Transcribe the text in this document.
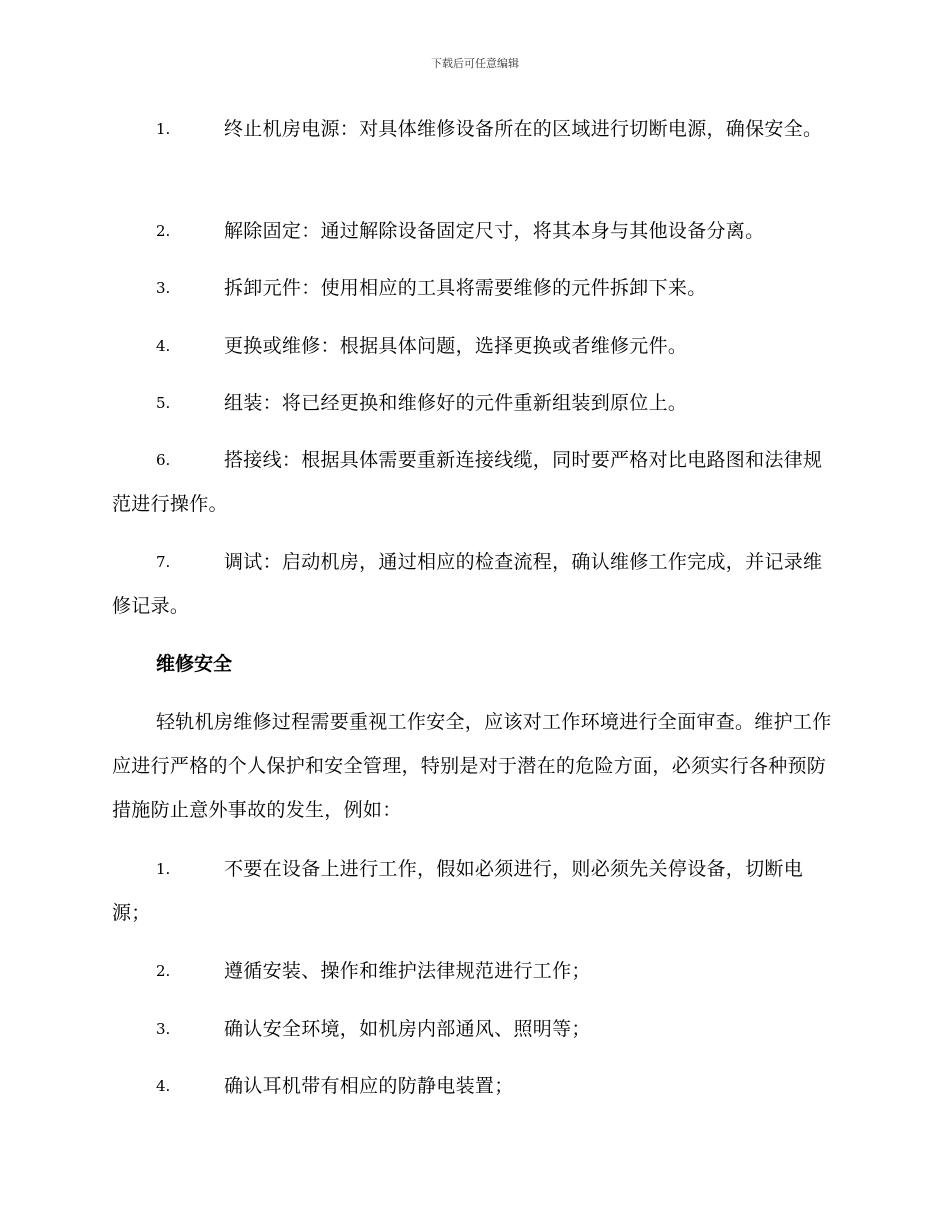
下载后可任意编辑
1.	终止机房电源：对具体维修设备所在的区域进行切断电源，确保安全。
2.	解除固定：通过解除设备固定尺寸，将其本身与其他设备分离。
3.	拆卸元件：使用相应的工具将需要维修的元件拆卸下来。
4.	更换或维修：根据具体问题，选择更换或者维修元件。
5.	组装：将已经更换和维修好的元件重新组装到原位上。
6.	搭接线：根据具体需要重新连接线缆，同时要严格对比电路图和法律规范进行操作。
7.	调试：启动机房，通过相应的检查流程，确认维修工作完成，并记录维修记录。
维修安全
轻轨机房维修过程需要重视工作安全，应该对工作环境进行全面审查。维护工作应进行严格的个人保护和安全管理，特别是对于潜在的危险方面，必须实行各种预防措施防止意外事故的发生，例如：
1.	不要在设备上进行工作，假如必须进行，则必须先关停设备，切断电源；
2.	遵循安装、操作和维护法律规范进行工作；
3.	确认安全环境，如机房内部通风、照明等；
4.	确认耳机带有相应的防静电装置；
